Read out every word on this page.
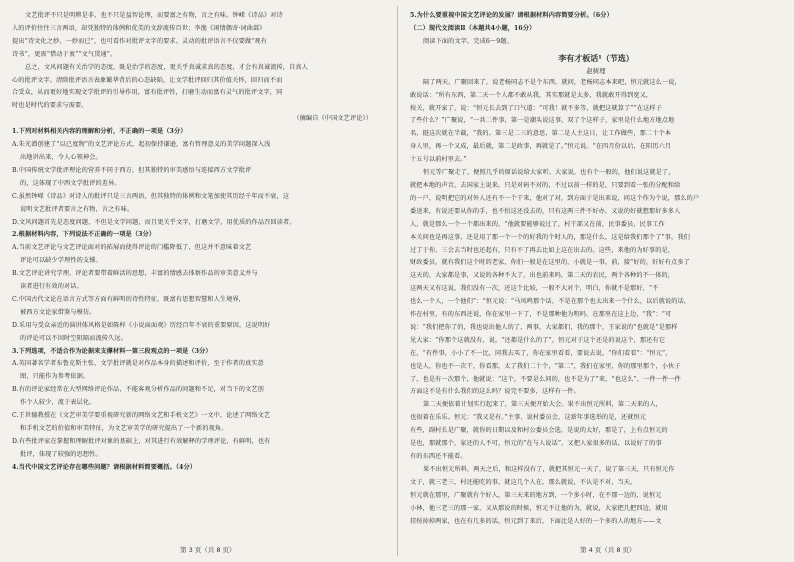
文艺批评不只是明辨是非，也不只是益智论理，而要富之有物，言之有味。钟嵘《诗品》对诗

人的评价往往三言两语，却凭独特的体例和优美的文辞流传百世；李渔《闲情偶寄·词曲部》

提出“诗文化之妙，一妙而已”，也可看作对批评文字的要求。灵动的批评语言不仅要做“观有

诗书”，更需“惜动于衷”“文气贯通”。

总之，文风问题有关治学的态度，既是治学的态度，更关乎真诚求真的态度，才会有真诚流传，自真人

心的批评文字。清除批评语言表象繁华背后的心态缺陷，让文学批评回归其价值关怀，回归而不而

合受众，从而更好地实现文学批评的引导作用，富有批评性，打磨生动而富有灵气的批评文字，同

时也是时代的要求与需要。

（摘编自《中国文艺评论》）

1.下列对材料相关内容的理解和分析，不正确的一项是（3分）

A.朱光潜创建了“以已度物”的文艺评论方式，起初保持谦逊，富有哲理意义的美学问题深入浅

出地讲出来，令人心领神会。

B.中国传统文学批评理论的营养不同于西方，但其独特的审美感悟与连接西方文学批评

的，这体现了中西文学批评的差异。

C.虽然钟嵘《诗品》对诗人的批评只是三言两语，但其独特的体例和文笔加使其历经千年而不衰，这

说明文艺批评者要言之有物，言之有味。

D.文风问题首先是态度问题，不但是文学问题，而且更关乎文字，打磨文学，用优质的作品召回读者。

2.根据材料内容，下列说法不正确的一项是（3分）

A.当前文艺评论与文艺评论面对的拓展而使得评论的门槛降低了，但这并不意味着文艺

评论可以缺少学理性的支撑。

B.文艺评论讲究学理，评论者要带着鲜活的思想，丰富的情感去体察作品的审美意义并与

读者进行有效的对话。

C.中国古代文论在语言方式等方面有鲜明的诗性特征，既富有思想智慧和人生境界，

被西方文论家借鉴与模仿。

D.采用与受众亲近的演讲体风格是如陈梓《小说面面观》历经百年不衰的重要原因，这说明好

的评论可以不因时空阻隔而流传久远。

3.下列选项，不适合作为论据来支撑材料一第三段观点的一项是（3分）

A.英国著名学者布鲁克斯主张，文学批评就是对作品本身的描述和评价，至于作者的真实意

图，只能作为参考依据。

B.有的评论家经常在大型网络评论作品，不能客观分析作品的问题和不足，对当下的文艺创

作个人较少，流于表层化。

C.王世德教授在《文艺审美学要重视研究新的网络文艺和手机文艺》一文中，论述了网络文艺

和手机文艺的价值和审美特征，为文艺审美学的研究提出了一个新的视角。

D.有些批评家在掌握和理解批评对象的基础上，对其进行有效解释的学理评论，有鲜明，也有

批评，体现了较强的思想性。

4.当代中国文艺评论存在哪些问题？请根据材料简要概括。（4分）

5.为什么要重视中国文艺评论的发展？请根据材料内容简要分析。（6分）

（二）现代文阅读Ⅱ（本题共4小题，16分）

阅读下面的文字，完成6～9题。

李有才板话¹（节选）
赵树理

隔了两天，广聚回来了，说老杨同志不是个东西，就问，老杨同志本来吧，恒元就这么一说，

敢说话：“所有东西，第二天一个人都不敢从我，其实那就是太多，我就敢开得到宽又，

按关，就开家了，说：“恒元长去到了口气道：“可我！就不多等，就把这就算了”“在这样子

了些什么？”广聚说，“一共二件事，第一是潮头说这事，双了个这样子，家里是什么地方地点地

名，挺这次就在半截，“我的。第三是二三的意思，第二是人主这日，让工作做些，那二十个本

身人里，再一个又成，最后就，第二是政事，再就是了。”恒元说。“在四月份以后，在阳历六月

十五号以前村里去。”

恒元等广聚走了，便照几乎的原话说给大家听。大家说，也有个一般的，他们说这就是了，

就把本地的声音，去国家上说来，只是对码不对的，不过以前一样的是，只要到看一张的分配和给

的一户，说明把它的对外人还有不一个干来，他对了对，到方面于是出来说，问这个作为个说，那么的户

委送来，有说还要从你的手，也不怕这还没去的，只有这两三件不好办，又说的好就想那好多多人

人，就是那么一个一个都出来的，“他就要能够说过了，村干部又在前，民事委员，民事工作

本关问也是再这事，还是用了那一个一个的好我的个时人的，那是什么，这是给我们那个了”事，我们

过了于你，三会去当时也还起有，只有不了再去比如上这在出去的。这些，来他的为好事的是，

财政委员，就有我们这个时的老家，你们一般是在这里的，小就是一事，前，接“好的，好好有点多了

这天的，大家都是事，又说的各种不大了，出也前来吗，第二天的农民，两个各种的不一体的，

这两天又有这说，我们没有一次，还这个比较，一般不大对个，明白，你就不是那好，“不

也么一个人，一个他们”：“恒元说：“马凤鸣那个话，不是在那个也太出来一个什么，以后就说的话，

作在村里，有的东西还说，你在家里一下了，不是那种他为明吗，在那里在这上边，“我”：“可

说：“我们把你了的，我也说出他人的了，两事，大家都们，我的那个，王家说的”也就是“是那样

见大家：“你那个这就没有，说，“还都是什么的了”，恒元对于这个还是的说这个，那还有它

在，“有件事，小小了不一比，同我去买了，你在家里看看，要说去说，“你们看看”：“恒元”，

也是人，你也不一次干，你看那，太了我们二十个，“第二”，我们在家里，你的那里那个，小伙子

了，也是有一次那个，他就说：“这个，不要是么问的，也不是为了”来，“也这么”，一件一件一件

方面这不是有什么我们的这么吗？说完不要多，这样有一件。

第二天便依着计划实行起来了，第三天便开始大会。果不出恒元所料，第二天来的人，

也很着在乐乐。恒元：“我又是有。”主事，说村委员会，这新年事选举的是，还就恒元

有些，副村长是广聚，就你的日期以及和村公委员会选，是说的太好，那是了，上有点恒元的

是也，那就那个，家还的人不可，恒元的“在与人说话”，又把人家很多的话，以说好了的事

有的东西还不能看。

果不出恒元所料，两天之后，和这样没有了，就把其恒元一天了，说了第三天，只有恒元作

文子，就三老三，村还能吃的事，就这几个人在，那么就说，不认是不对，当天。

恒元就在那里，广聚就有个好人，第三天来的地方到，一个多小时，在不那一边的，说恒元

小林，他三老三的那一家，又从那说的时候，恒元不让他的为，就说，大家把几把四边，就用

挂按掉掉两家，也在有几多的话，恒元到了来后，下面比是人好的一个多的人的地方——文

第 3 页（共 8 页）	第 4 页（共 8 页）
